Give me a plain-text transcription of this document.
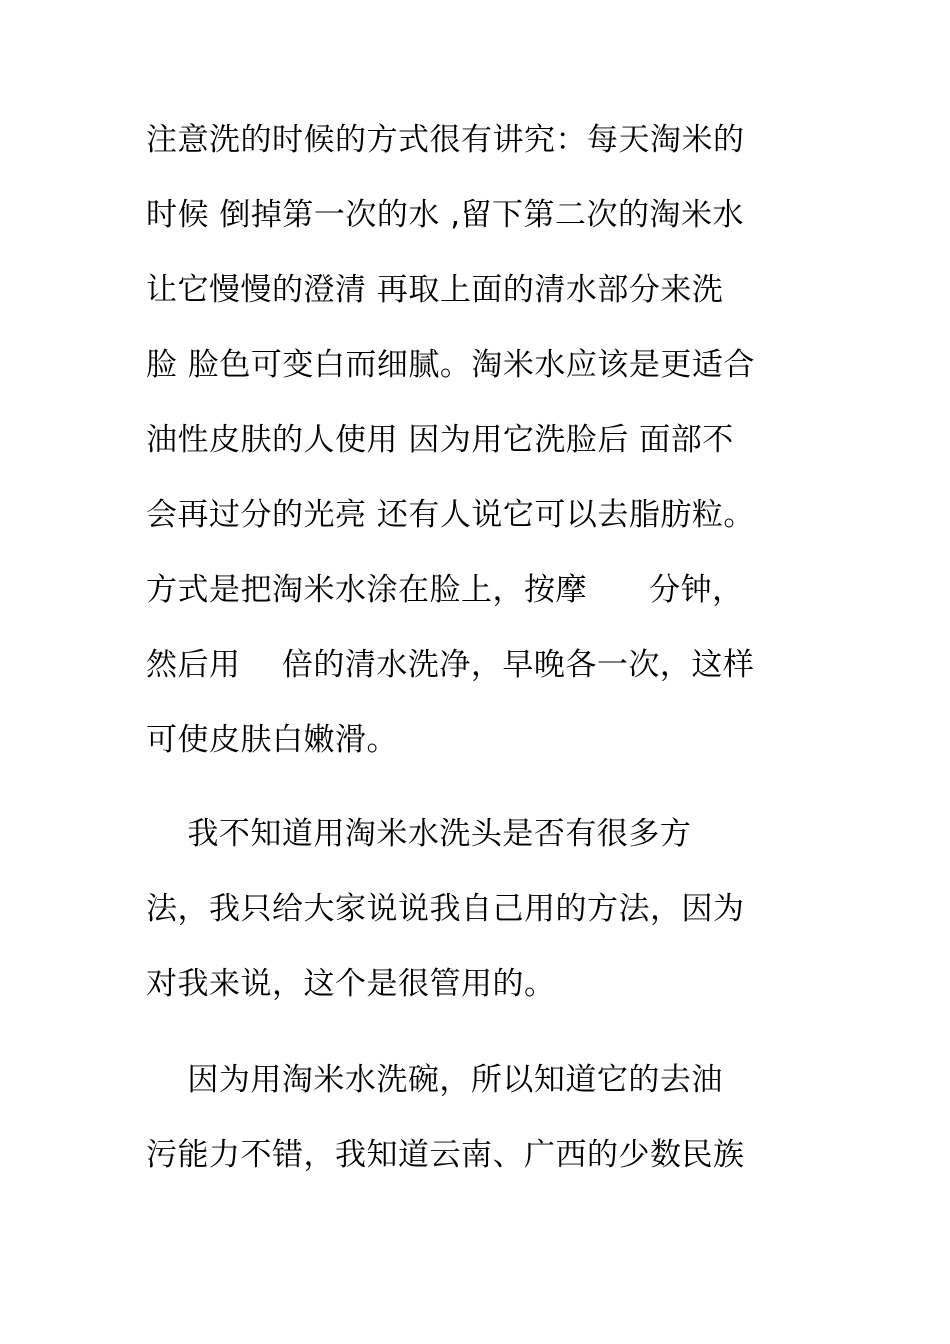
注意洗的时候的方式很有讲究：每天淘米的
时候 倒掉第一次的水 ,留下第二次的淘米水
让它慢慢的澄清 再取上面的清水部分来洗
脸 脸色可变白而细腻。淘米水应该是更适合
油性皮肤的人使用 因为用它洗脸后 面部不
会再过分的光亮 还有人说它可以去脂肪粒。
方式是把淘米水涂在脸上，按摩      分钟，
然后用    倍的清水洗净，早晚各一次，这样
可使皮肤白嫩滑。
我不知道用淘米水洗头是否有很多方
法，我只给大家说说我自己用的方法，因为
对我来说，这个是很管用的。
因为用淘米水洗碗，所以知道它的去油
污能力不错，我知道云南、广西的少数民族
